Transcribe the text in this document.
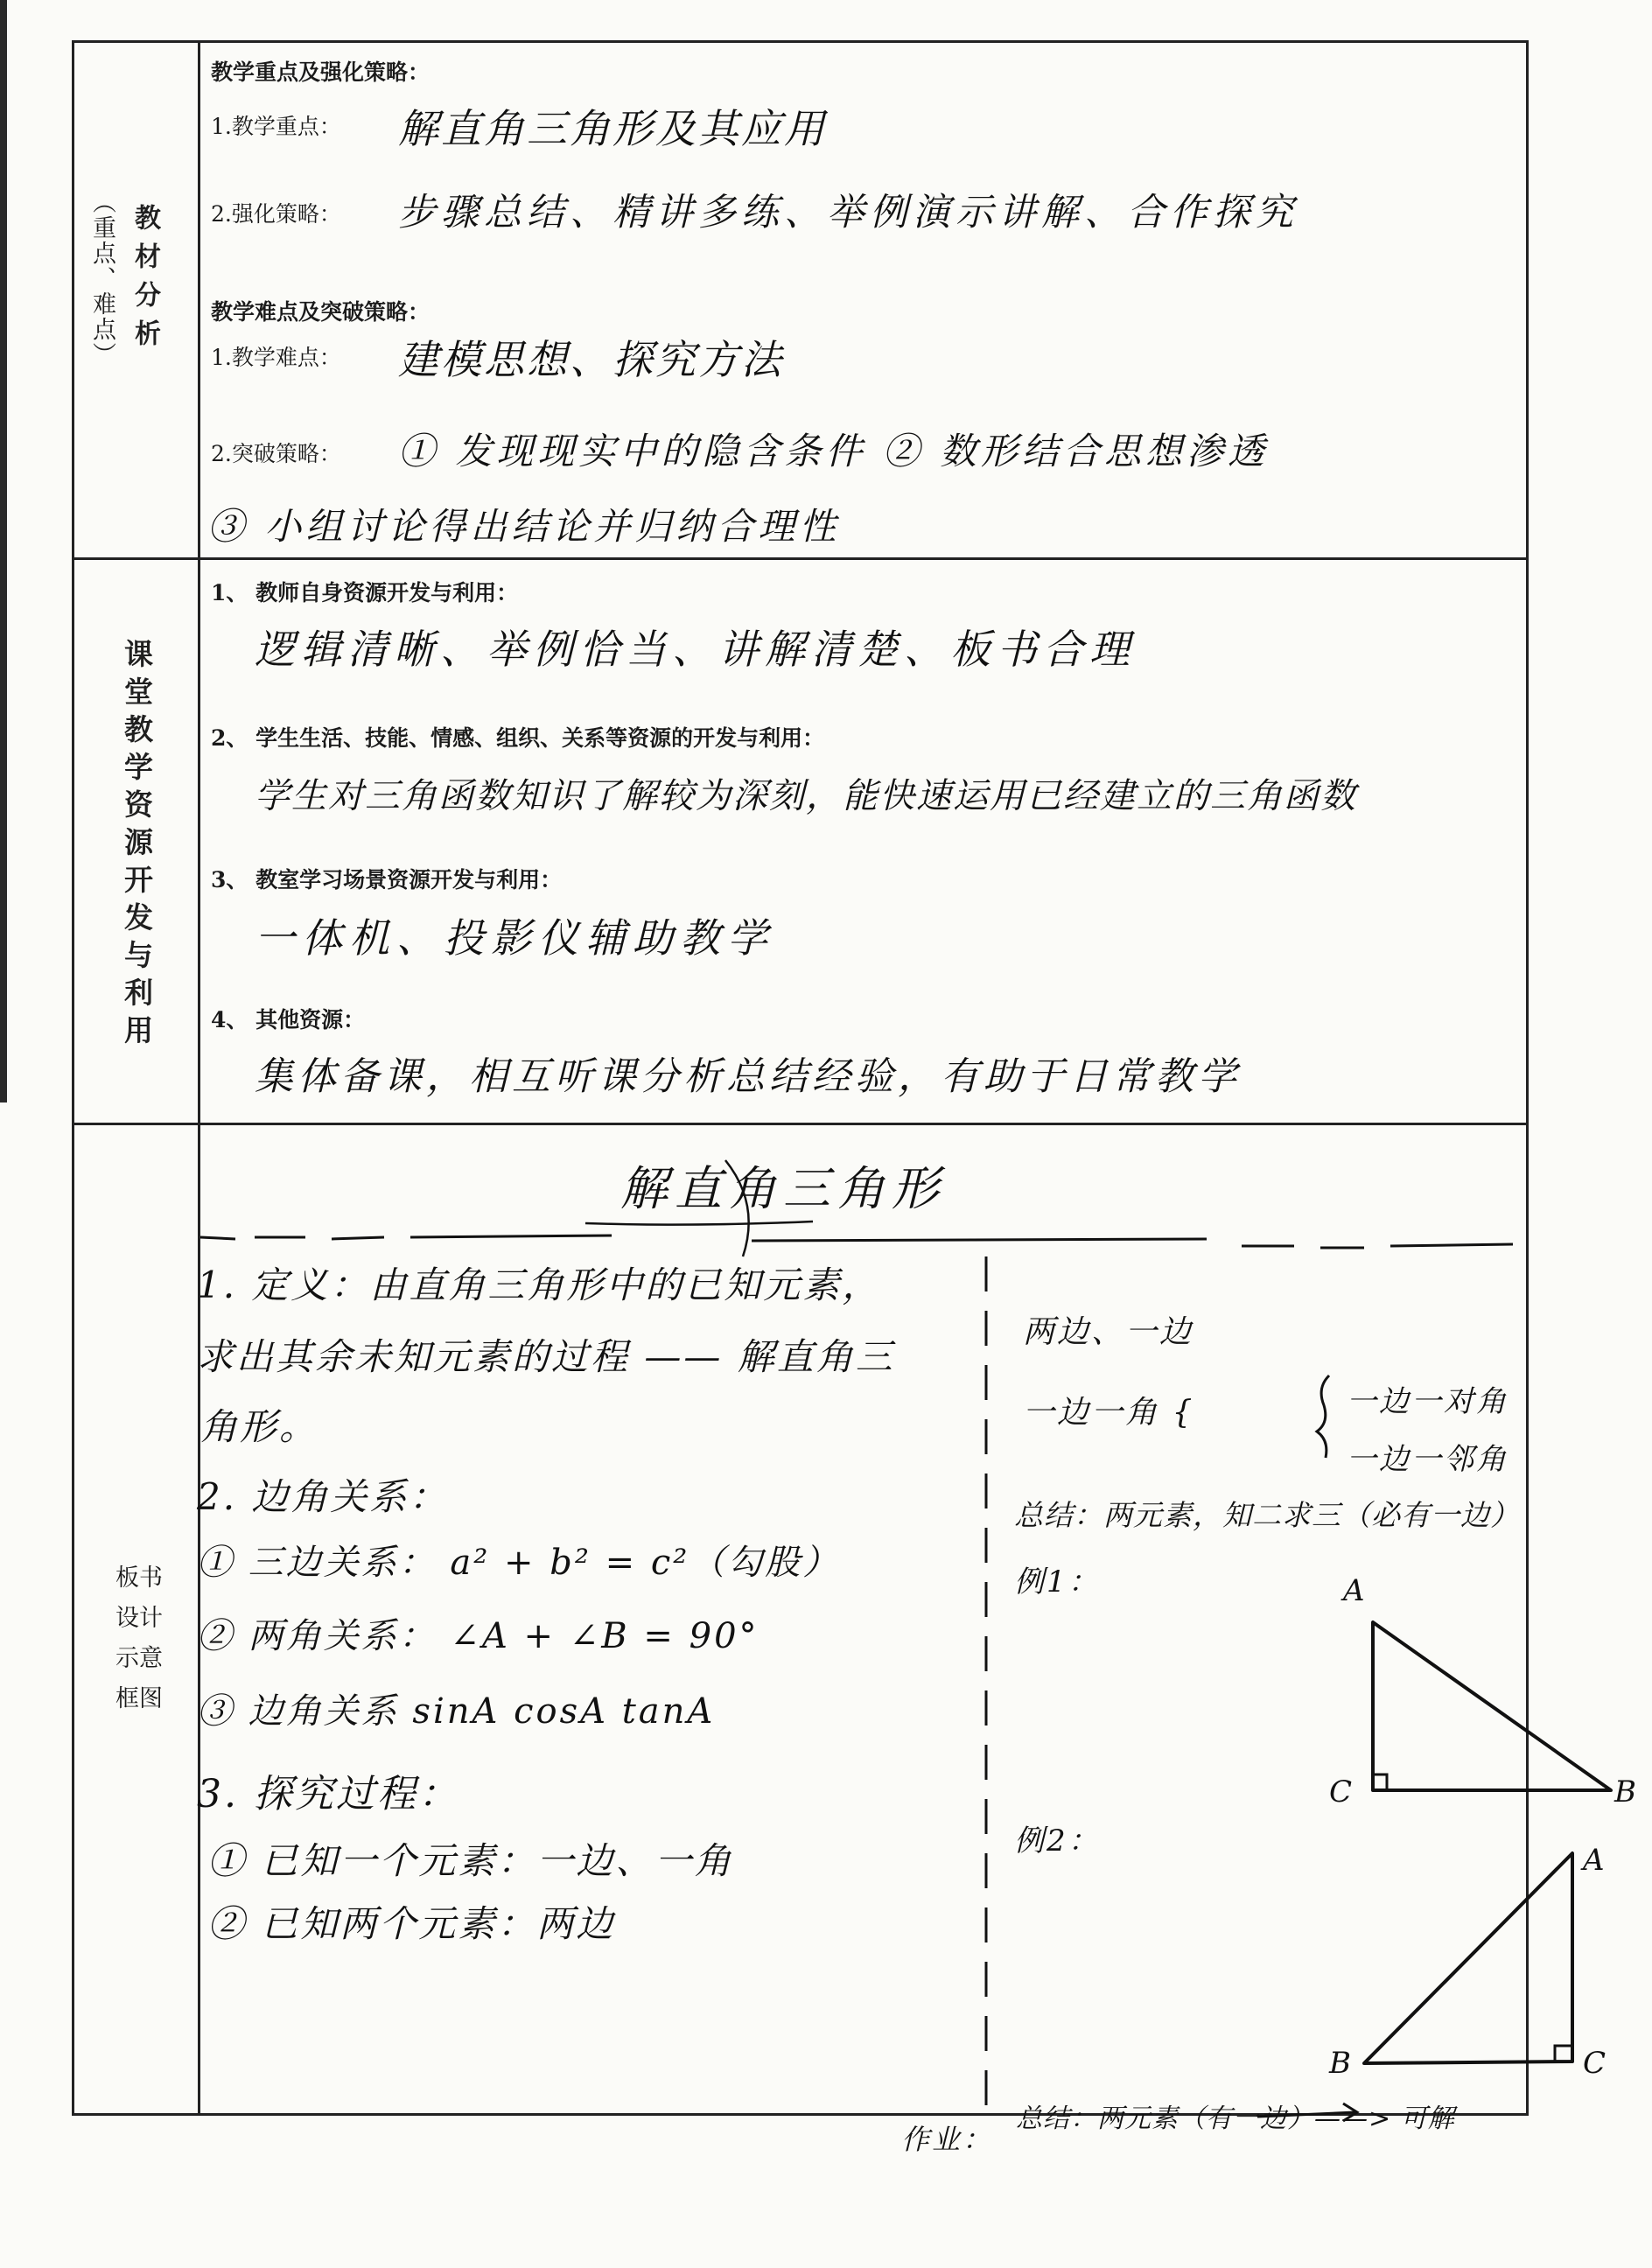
教材分析
（重点、难点）
教学重点及强化策略：
1.教学重点： 解直角三角形及其应用
2.强化策略： 步骤总结、精讲多练、举例演示讲解、合作探究
教学难点及突破策略：
1.教学难点： 建模思想、探究方法
2.突破策略： ① 发现现实中的隐含条件 ② 数形结合思想渗透
③ 小组讨论得出结论并归纳合理性
课堂教学资源开发与利用
1、 教师自身资源开发与利用：
逻辑清晰、举例恰当、讲解清楚、板书合理
2、 学生生活、技能、情感、组织、关系等资源的开发与利用：
学生对三角函数知识了解较为深刻，能快速运用已经建立的三角函数
3、 教室学习场景资源开发与利用：
一体机、投影仪辅助教学
4、 其他资源：
集体备课，相互听课分析总结经验，有助于日常教学
板书
设计
示意
框图
解直角三角形
1. 定义：由直角三角形中的已知元素，
求出其余未知元素的过程 —— 解直角三
角形。
2. 边角关系：
① 三边关系： a² + b² = c²（勾股）
② 两角关系： ∠A + ∠B = 90°
③ 边角关系 sinA cosA tanA
3. 探究过程：
① 已知一个元素：一边、一角
② 已知两个元素：两边
两边、一边
一边一角 {	一边一对角
一边一邻角
总结：两元素，知二求三（必有一边）
例1：
例2：
A
C	B
A
B	C
总结：两元素（有一边）——> 可解
作业：
